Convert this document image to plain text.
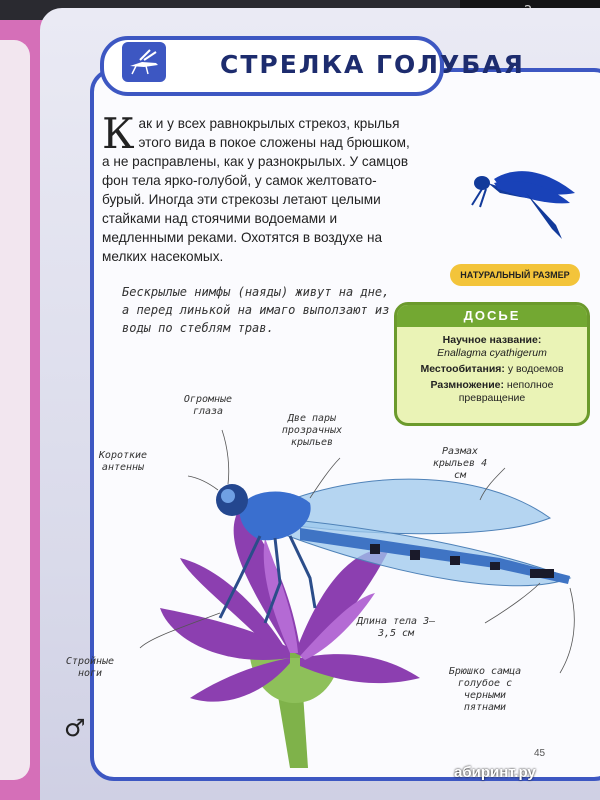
СТРЕЛКА ГОЛУБАЯ
Как и у всех равнокрылых стрекоз, крылья этого вида в покое сложены над брюшком, а не расправлены, как у разнокрылых. У самцов фон тела ярко-голубой, у самок желтовато-бурый. Иногда эти стрекозы летают целыми стайками над стоячими водоемами и медленными реками. Охотятся в воздухе на мелких насекомых.
Бескрылые нимфы (наяды) живут на дне, а перед линькой на имаго выползают из воды по стеблям трав.
НАТУРАЛЬНЫЙ РАЗМЕР
ДОСЬЕ

Научное название:
Enallagma cyathigerum

Местообитания: у водоемов

Размножение: неполное превращение

Огромные глаза
Две пары прозрачных крыльев
Короткие антенны
Размах крыльев 4 см
Длина тела 3—3,5 см
Стройные ноги	Брюшко самца голубое с черными пятнами
♂
45
абиринт.ру
